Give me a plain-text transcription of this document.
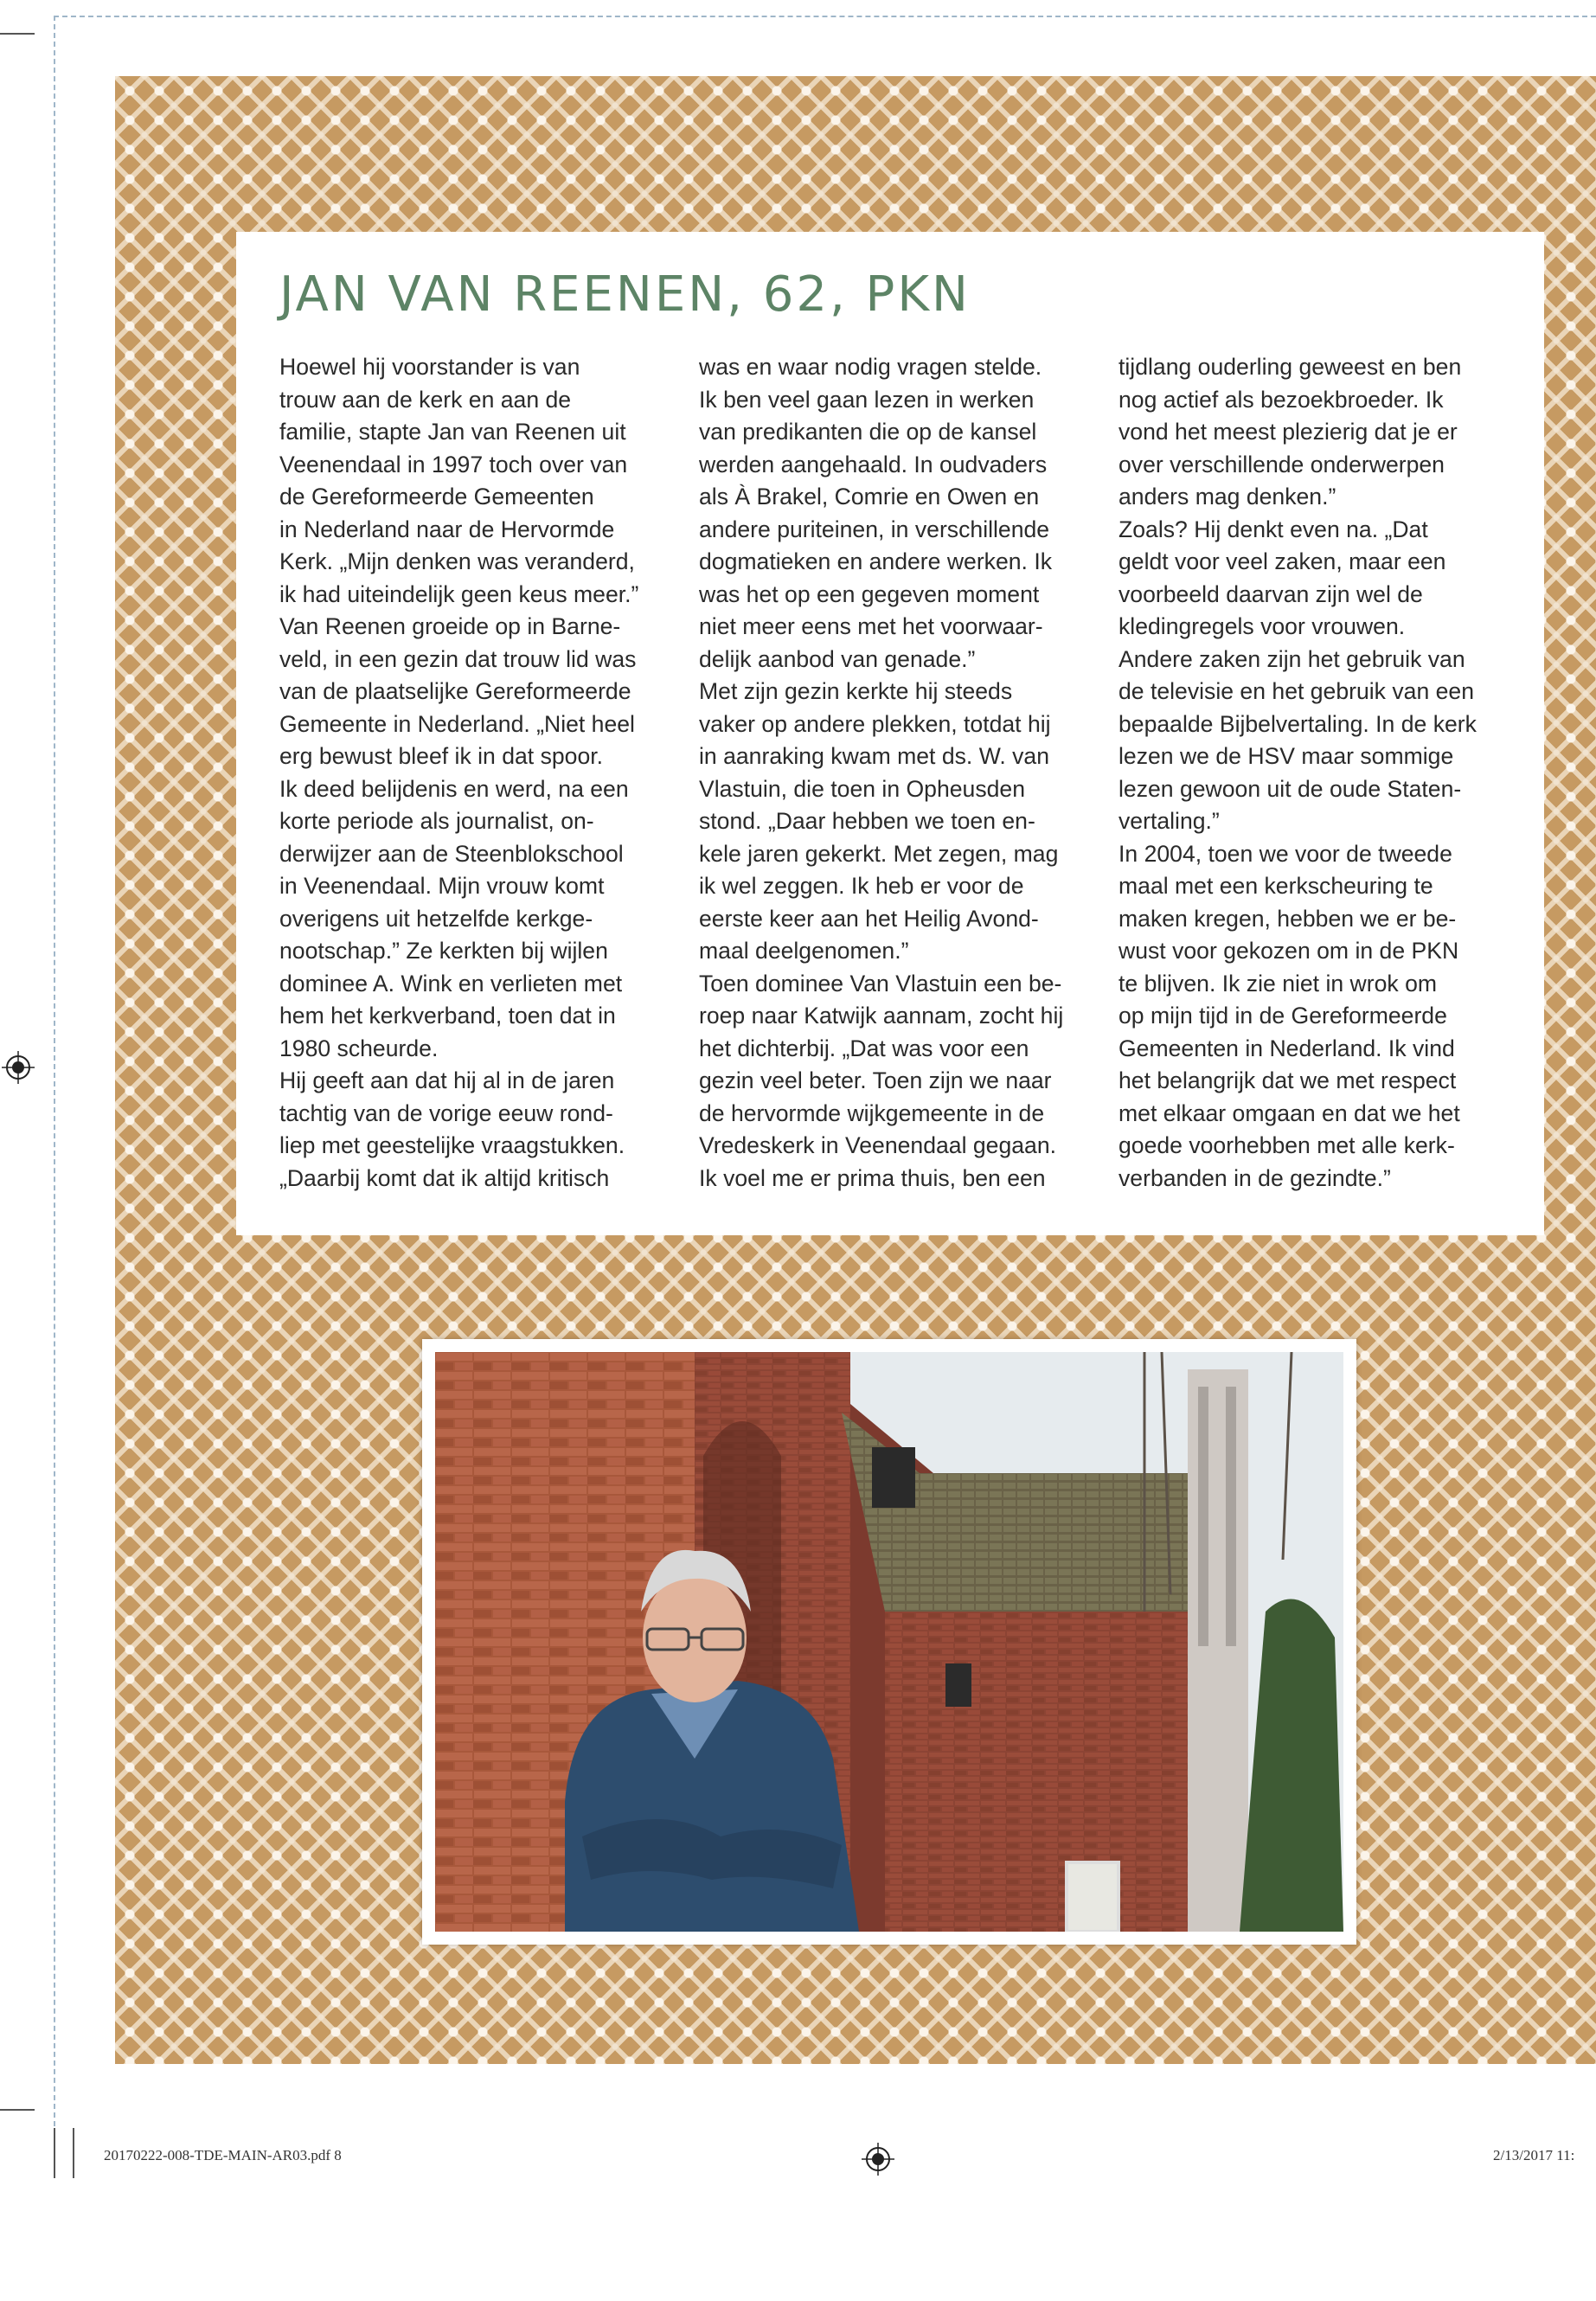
JAN VAN REENEN, 62, PKN

Hoewel hij voorstander is van

trouw aan de kerk en aan de

familie, stapte Jan van Reenen uit

Veenendaal in 1997 toch over van

de Gereformeerde Gemeenten

in Nederland naar de Hervormde

Kerk. „Mijn denken was veranderd,

ik had uiteindelijk geen keus meer.”

Van Reenen groeide op in Barne-

veld, in een gezin dat trouw lid was

van de plaatselijke Gereformeerde

Gemeente in Nederland. „Niet heel

erg bewust bleef ik in dat spoor.

Ik deed belijdenis en werd, na een

korte periode als journalist, on-

derwijzer aan de Steenblokschool

in Veenendaal. Mijn vrouw komt

overigens uit hetzelfde kerkge-

nootschap.” Ze kerkten bij wijlen

dominee A. Wink en verlieten met

hem het kerkverband, toen dat in

1980 scheurde.

Hij geeft aan dat hij al in de jaren

tachtig van de vorige eeuw rond-

liep met geestelijke vraagstukken.

„Daarbij komt dat ik altijd kritisch

was en waar nodig vragen stelde.

Ik ben veel gaan lezen in werken

van predikanten die op de kansel

werden aangehaald. In oudvaders

als À Brakel, Comrie en Owen en

andere puriteinen, in verschillende

dogmatieken en andere werken. Ik

was het op een gegeven moment

niet meer eens met het voorwaar-

delijk aanbod van genade.”

Met zijn gezin kerkte hij steeds

vaker op andere plekken, totdat hij

in aanraking kwam met ds. W. van

Vlastuin, die toen in Opheusden

stond. „Daar hebben we toen en-

kele jaren gekerkt. Met zegen, mag

ik wel zeggen. Ik heb er voor de

eerste keer aan het Heilig Avond-

maal deelgenomen.”

Toen dominee Van Vlastuin een be-

roep naar Katwijk aannam, zocht hij

het dichterbij. „Dat was voor een

gezin veel beter. Toen zijn we naar

de hervormde wijkgemeente in de

Vredeskerk in Veenendaal gegaan.

Ik voel me er prima thuis, ben een

tijdlang ouderling geweest en ben

nog actief als bezoekbroeder. Ik

vond het meest plezierig dat je er

over verschillende onderwerpen

anders mag denken.”

Zoals? Hij denkt even na. „Dat

geldt voor veel zaken, maar een

voorbeeld daarvan zijn wel de

kledingregels voor vrouwen.

Andere zaken zijn het gebruik van

de televisie en het gebruik van een

bepaalde Bijbelvertaling. In de kerk

lezen we de HSV maar sommige

lezen gewoon uit de oude Staten-

vertaling.”

In 2004, toen we voor de tweede

maal met een kerkscheuring te

maken kregen, hebben we er be-

wust voor gekozen om in de PKN

te blijven. Ik zie niet in wrok om

op mijn tijd in de Gereformeerde

Gemeenten in Nederland. Ik vind

het belangrijk dat we met respect

met elkaar omgaan en dat we het

goede voorhebben met alle kerk-

verbanden in de gezindte.”

20170222-008-TDE-MAIN-AR03.pdf 8	2/13/2017 11:
